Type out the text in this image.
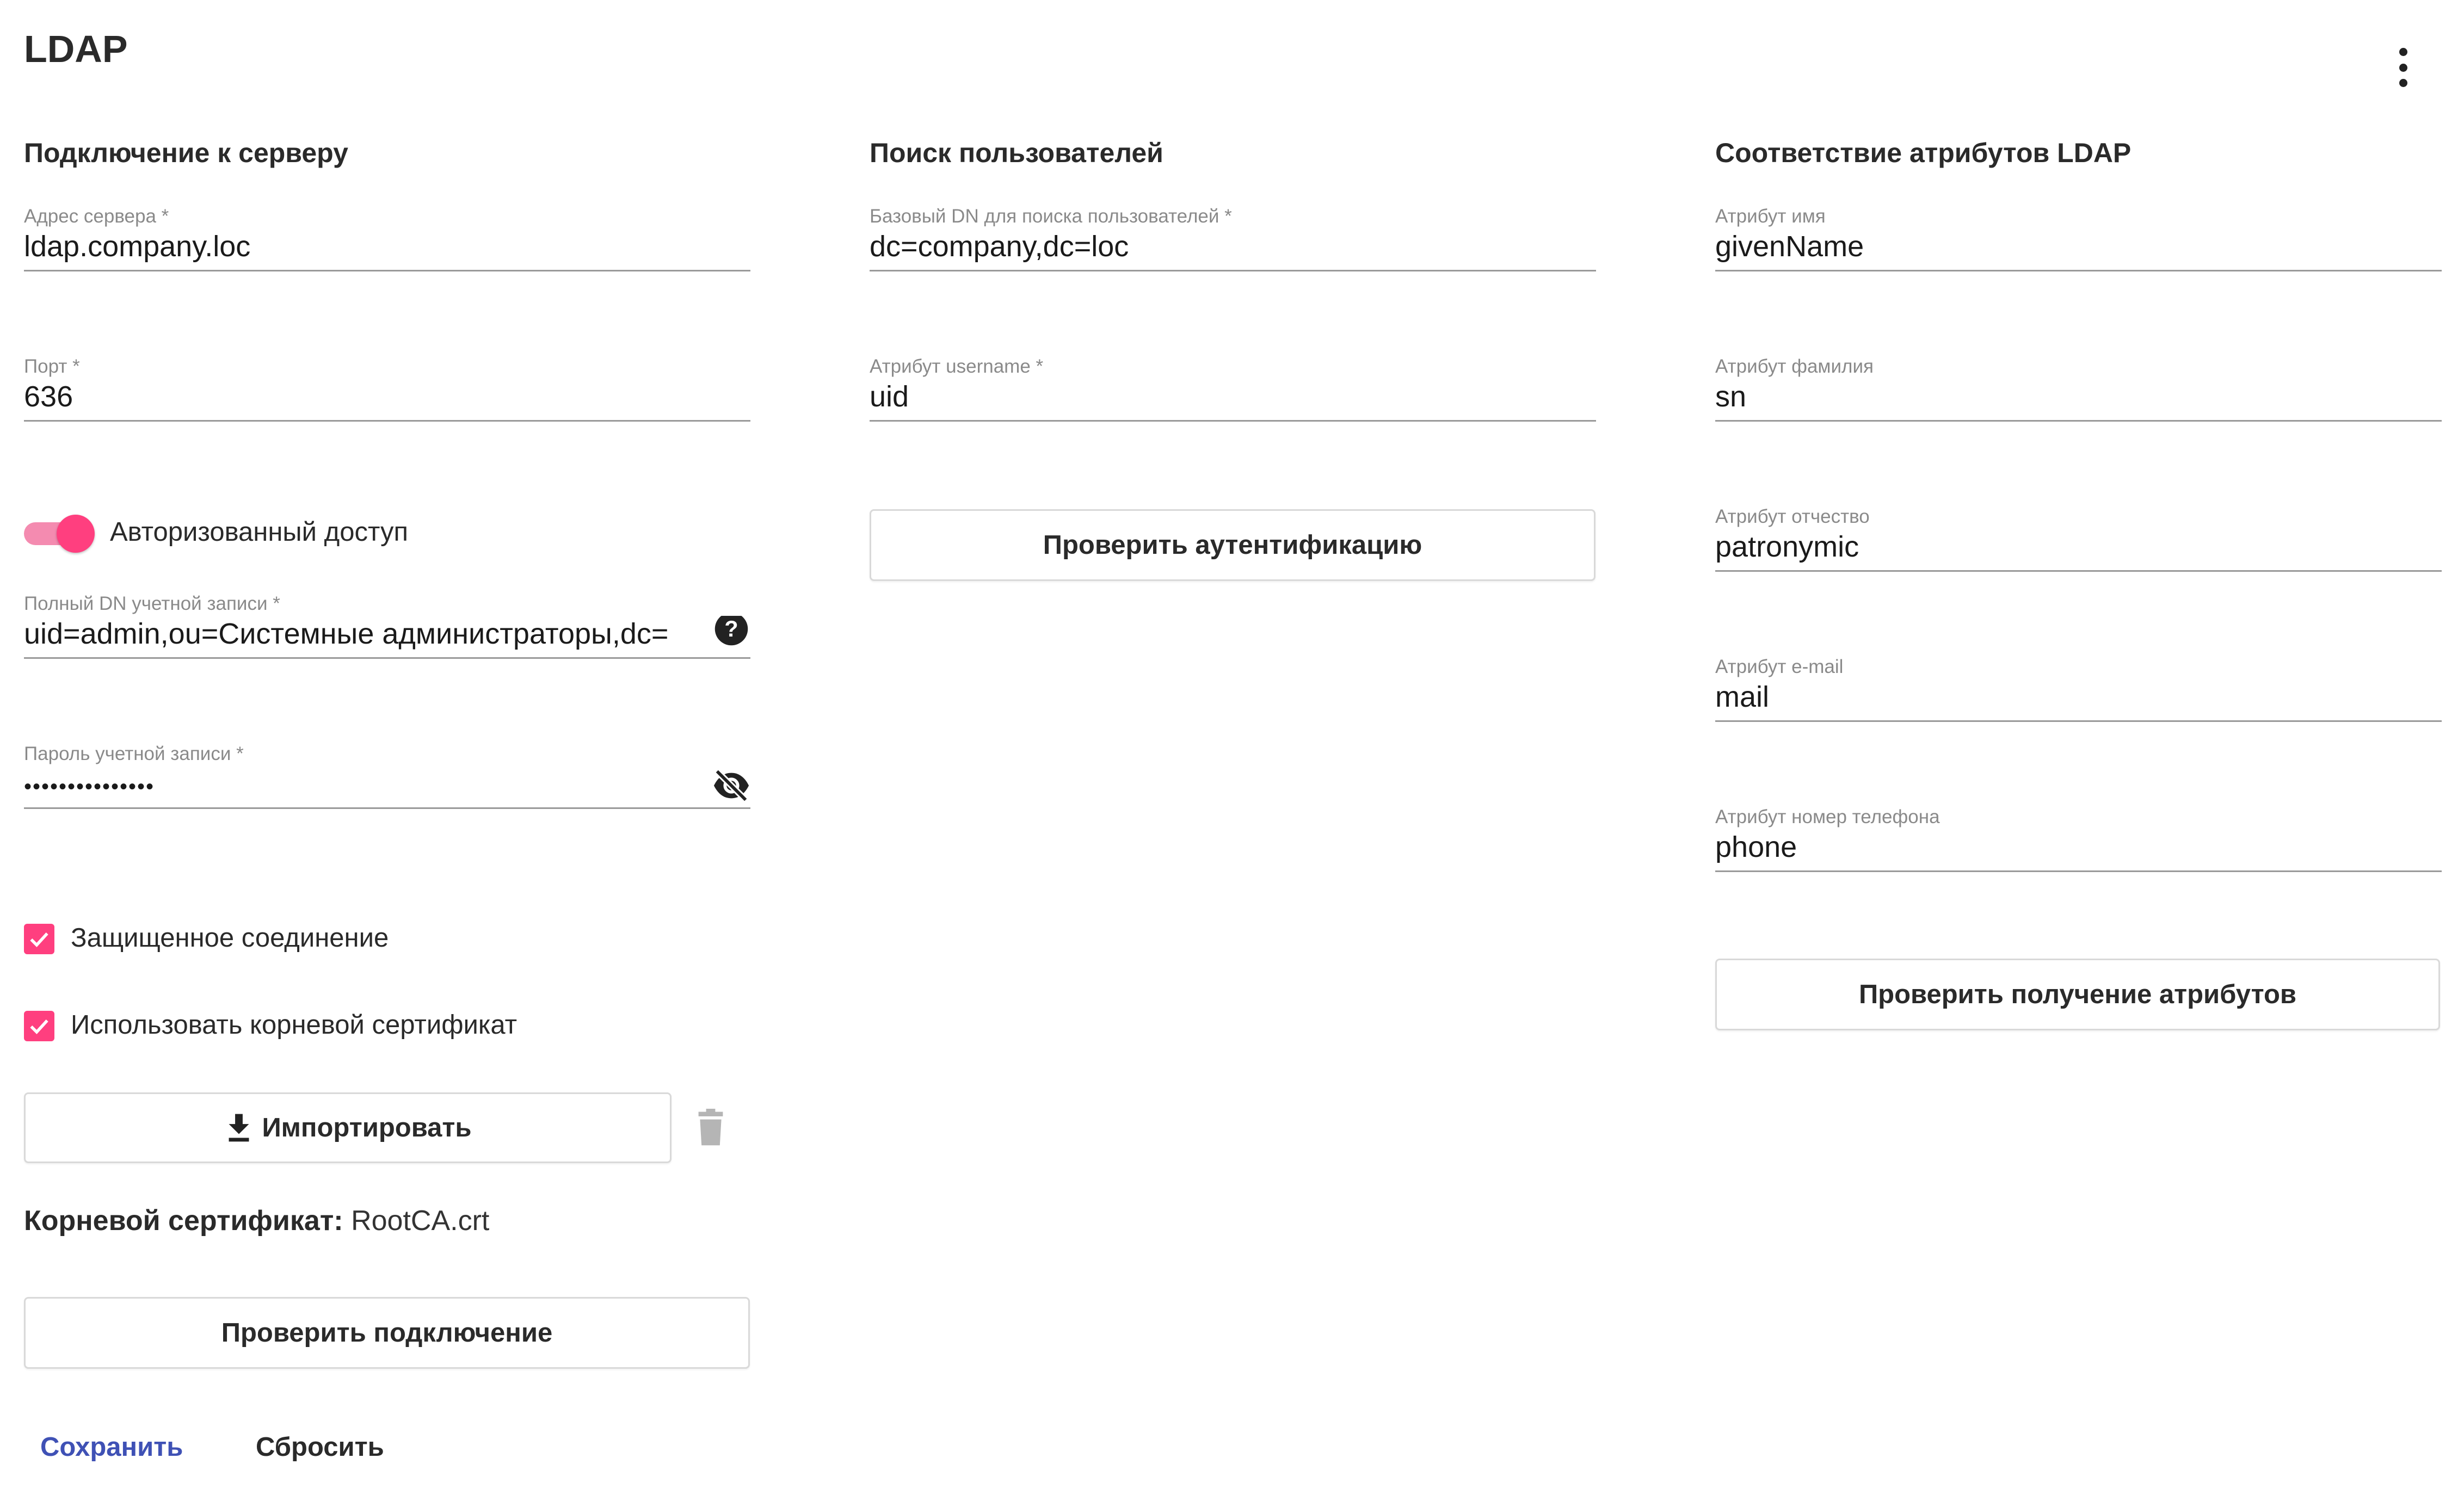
LDAP
Подключение к серверу
Адрес сервера *
ldap.company.loc
Порт *
636
Авторизованный доступ
Полный DN учетной записи *
uid=admin,ou=Системные администраторы,dc=	?
Пароль учетной записи *
•••••••••••••••
Защищенное соединение
Использовать корневой сертификат
Импортировать
Корневой сертификат: RootCA.crt
Проверить подключение
Сохранить	Сбросить
Поиск пользователей
Базовый DN для поиска пользователей *
dc=company,dc=loc
Атрибут username *
uid
Проверить аутентификацию
Соответствие атрибутов LDAP
Атрибут имя
givenName
Атрибут фамилия
sn
Атрибут отчество
patronymic
Атрибут e-mail
mail
Атрибут номер телефона
phone
Проверить получение атрибутов
